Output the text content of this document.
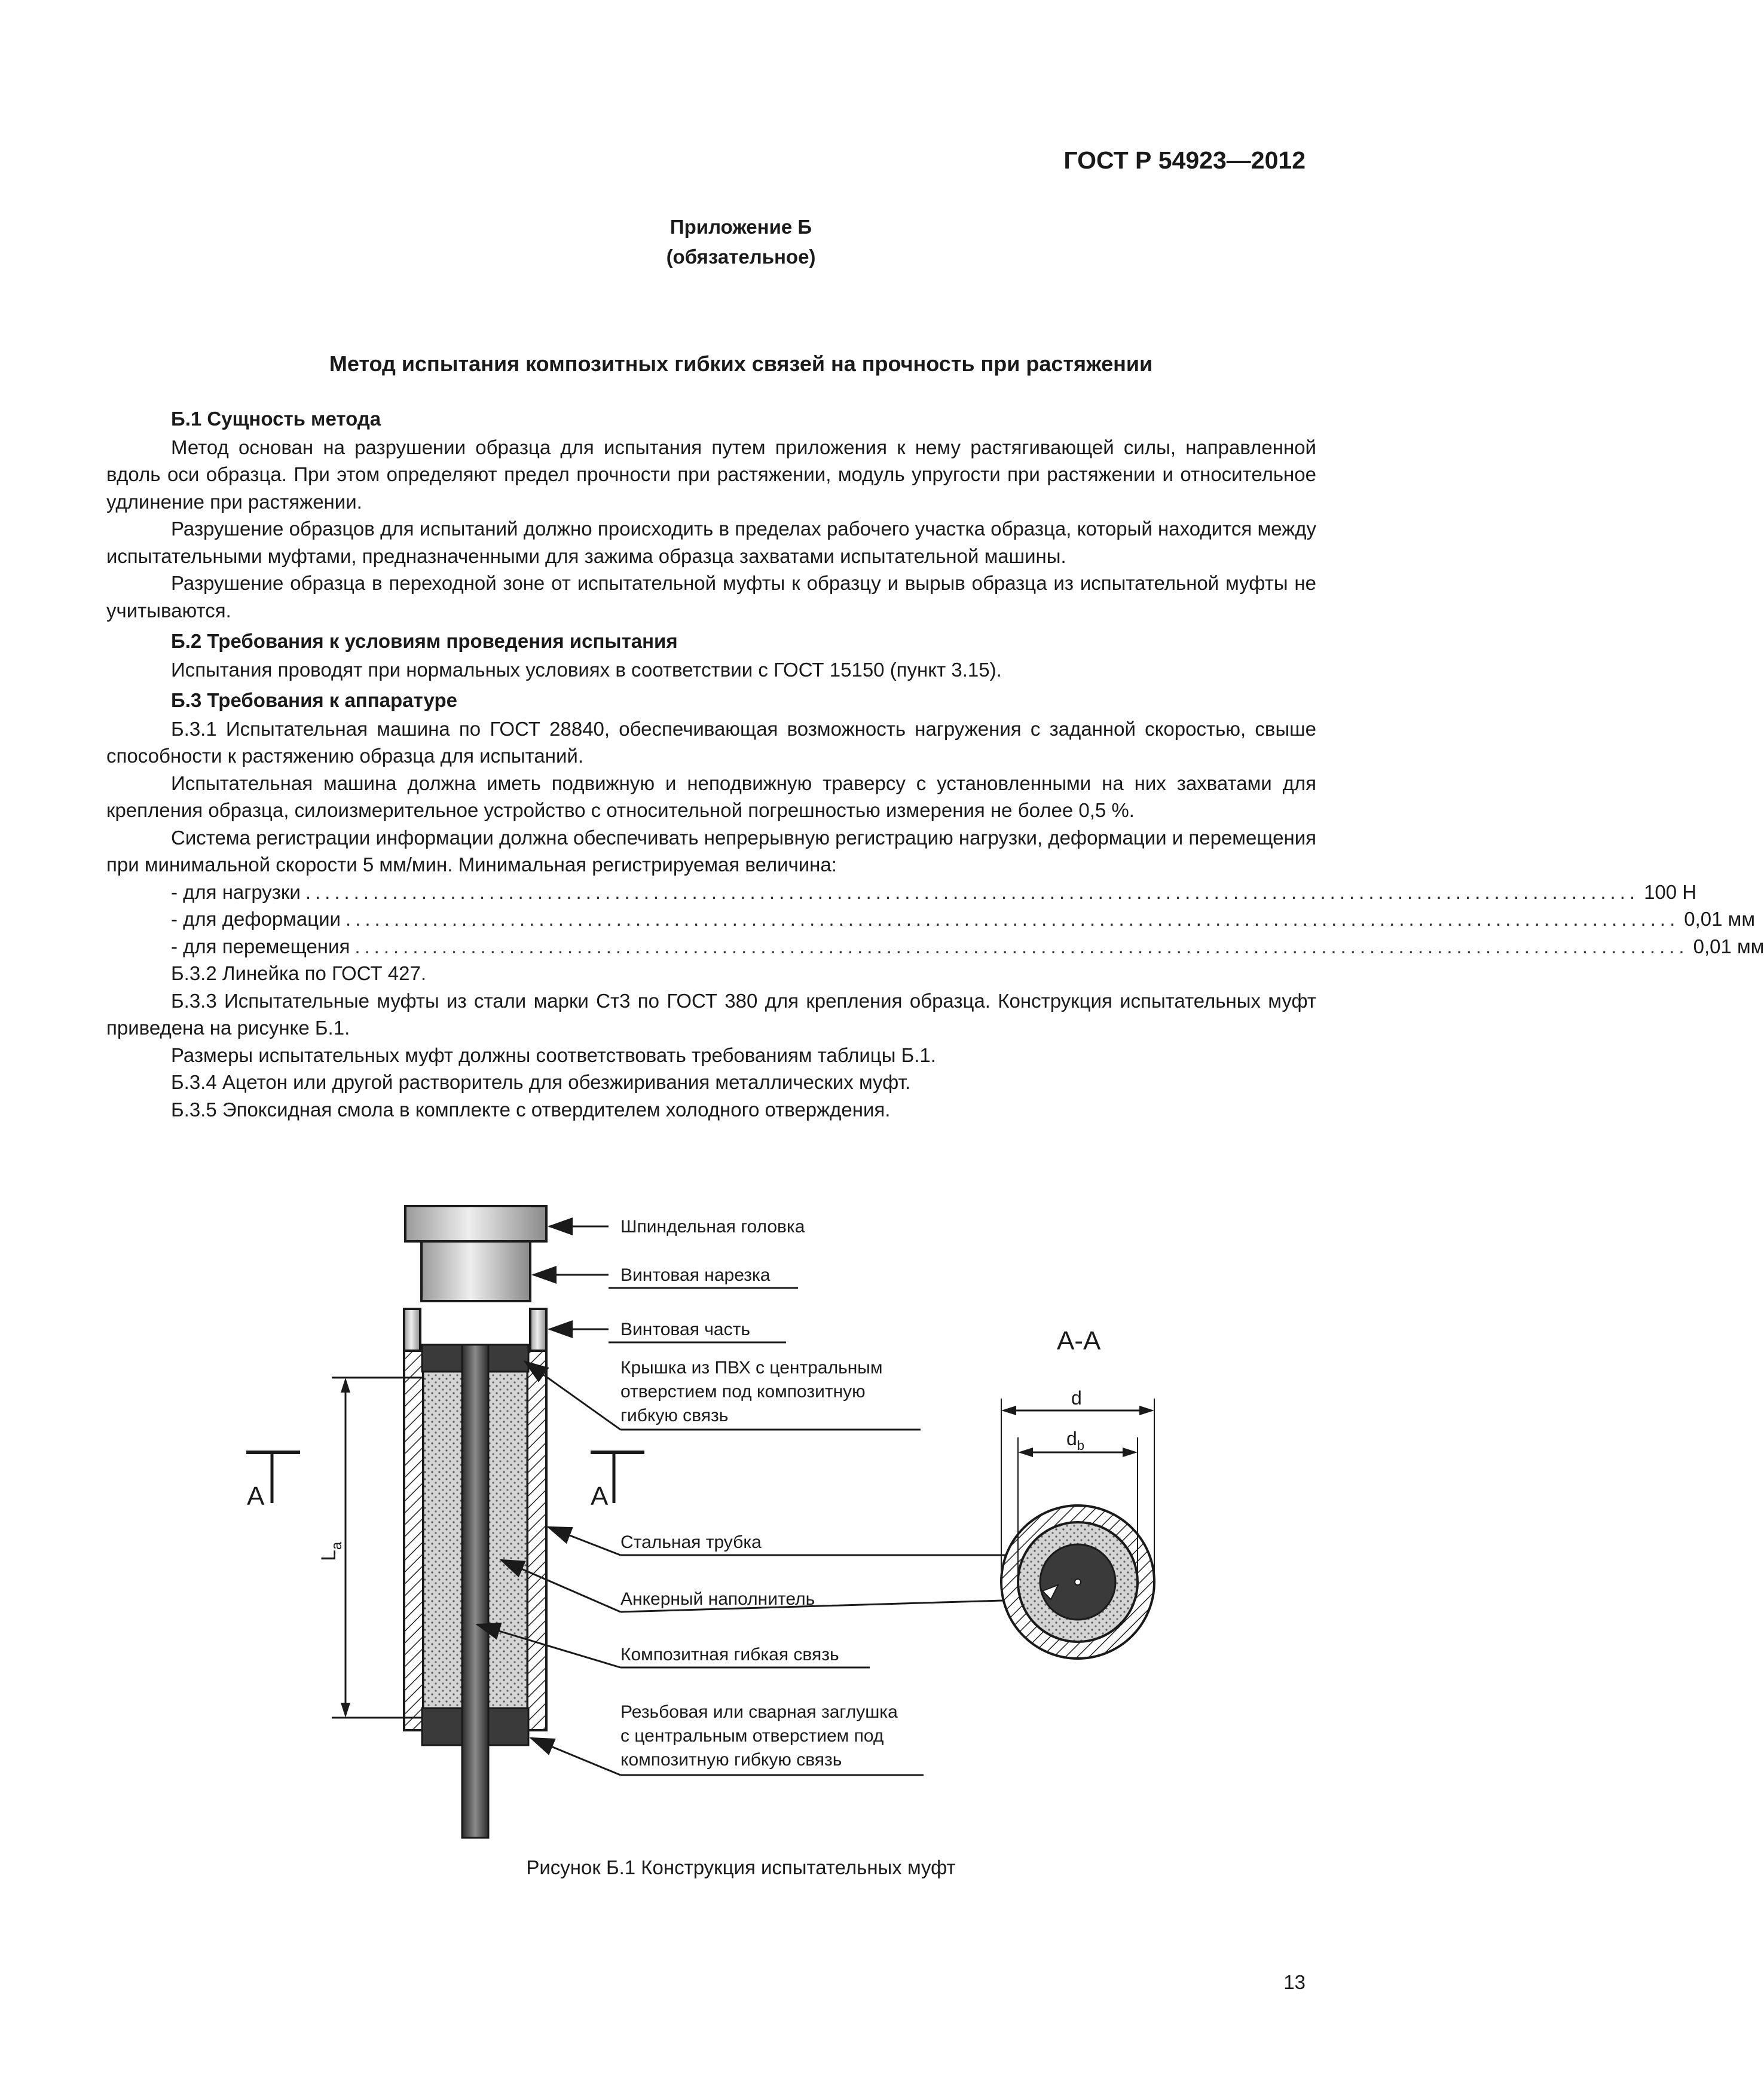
ГОСТ Р 54923—2012
Приложение Б
(обязательное)
Метод испытания композитных гибких связей на прочность при растяжении

Б.1 Сущность метода

Метод основан на разрушении образца для испытания путем приложения к нему растягивающей силы, направленной вдоль оси образца. При этом определяют предел прочности при растяжении, модуль упругости при растяжении и относительное удлинение при растяжении.

Разрушение образцов для испытаний должно происходить в пределах рабочего участка образца, который находится между испытательными муфтами, предназначенными для зажима образца захватами испытательной машины.

Разрушение образца в переходной зоне от испытательной муфты к образцу и вырыв образца из испытательной муфты не учитываются.

Б.2 Требования к условиям проведения испытания

Испытания проводят при нормальных условиях в соответствии с ГОСТ 15150 (пункт 3.15).

Б.3 Требования к аппаратуре

Б.3.1 Испытательная машина по ГОСТ 28840, обеспечивающая возможность нагружения с заданной скоростью, свыше способности к растяжению образца для испытаний.

Испытательная машина должна иметь подвижную и неподвижную траверсу с установленными на них захватами для крепления образца, силоизмерительное устройство с относительной погрешностью измерения не более 0,5 %.

Система регистрации информации должна обеспечивать непрерывную регистрацию нагрузки, деформации и перемещения при минимальной скорости 5 мм/мин. Минимальная регистрируемая величина:

- для нагрузки .......................................................................................................................................... 100 Н
- для деформации .......................................................................................................................................... 0,01 мм
- для перемещения .......................................................................................................................................... 0,01 мм

Б.3.2 Линейка по ГОСТ 427.

Б.3.3 Испытательные муфты из стали марки Ст3 по ГОСТ 380 для крепления образца. Конструкция испытательных муфт приведена на рисунке Б.1.

Размеры испытательных муфт должны соответствовать требованиям таблицы Б.1.

Б.3.4 Ацетон или другой растворитель для обезжиривания металлических муфт.

Б.3.5 Эпоксидная смола в комплекте с отвердителем холодного отверждения.

$L_a$
А	А
Шпиндельная головка
Винтовая нарезка
Винтовая часть
Крышка из ПВХ с центральным
отверстием под композитную
гибкую связь
Стальная трубка
Анкерный наполнитель
Композитная гибкая связь
Резьбовая или сварная заглушка
с центральным отверстием под
композитную гибкую связь
А-А
d
$d_b$
Рисунок Б.1 Конструкция испытательных муфт
13
